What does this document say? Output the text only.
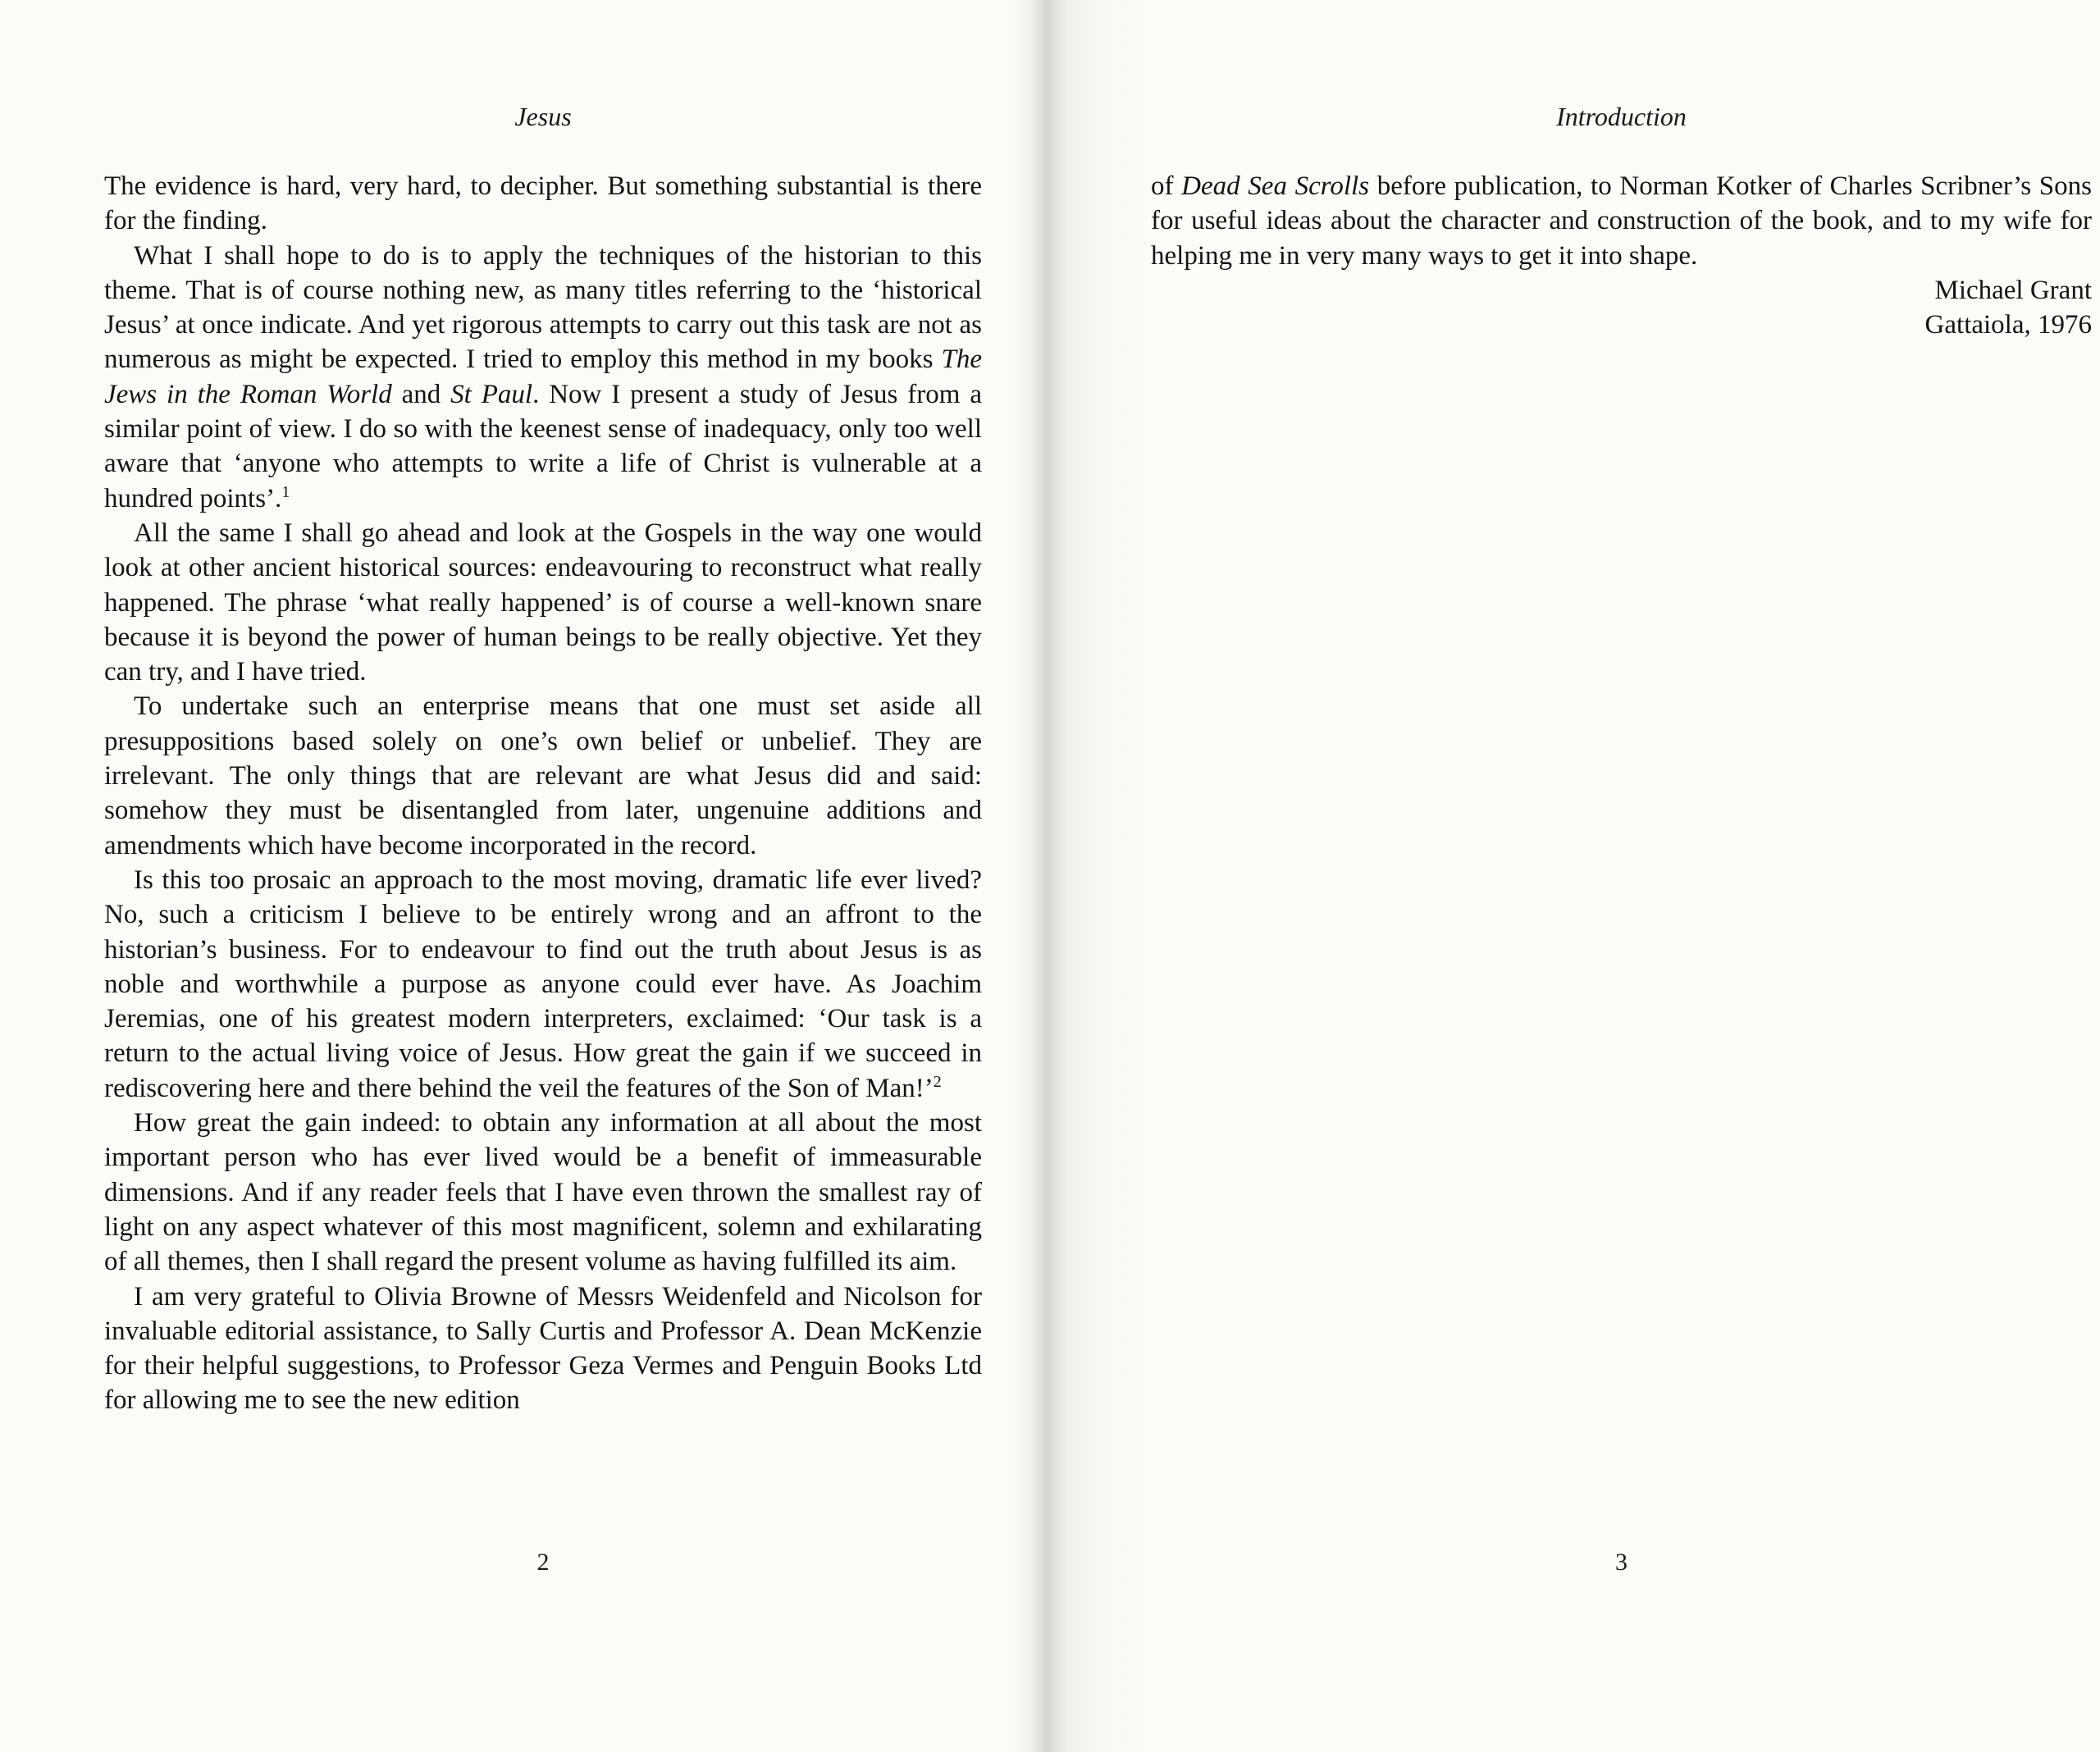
Jesus

The evidence is hard, very hard, to decipher. But something substantial is there for the finding.

What I shall hope to do is to apply the techniques of the historian to this theme. That is of course nothing new, as many titles referring to the ‘historical Jesus’ at once indicate. And yet rigorous attempts to carry out this task are not as numerous as might be expected. I tried to employ this method in my books The Jews in the Roman World and St Paul. Now I present a study of Jesus from a similar point of view. I do so with the keenest sense of inadequacy, only too well aware that ‘anyone who attempts to write a life of Christ is vulnerable at a hundred points’.$^1$

All the same I shall go ahead and look at the Gospels in the way one would look at other ancient historical sources: endeavouring to reconstruct what really happened. The phrase ‘what really happened’ is of course a well-known snare because it is beyond the power of human beings to be really objective. Yet they can try, and I have tried.

To undertake such an enterprise means that one must set aside all presuppositions based solely on one’s own belief or unbelief. They are irrelevant. The only things that are relevant are what Jesus did and said: somehow they must be disentangled from later, ungenuine additions and amendments which have become incorporated in the record.

Is this too prosaic an approach to the most moving, dramatic life ever lived? No, such a criticism I believe to be entirely wrong and an affront to the historian’s business. For to endeavour to find out the truth about Jesus is as noble and worthwhile a purpose as anyone could ever have. As Joachim Jeremias, one of his greatest modern interpreters, exclaimed: ‘Our task is a return to the actual living voice of Jesus. How great the gain if we succeed in rediscovering here and there behind the veil the features of the Son of Man!’$^2$

How great the gain indeed: to obtain any information at all about the most important person who has ever lived would be a benefit of immeasurable dimensions. And if any reader feels that I have even thrown the smallest ray of light on any aspect whatever of this most magnificent, solemn and exhilarating of all themes, then I shall regard the present volume as having fulfilled its aim.

I am very grateful to Olivia Browne of Messrs Weidenfeld and Nicolson for invaluable editorial assistance, to Sally Curtis and Professor A. Dean McKenzie for their helpful suggestions, to Professor Geza Vermes and Penguin Books Ltd for allowing me to see the new edition

2
Introduction

of Dead Sea Scrolls before publication, to Norman Kotker of Charles Scribner’s Sons for useful ideas about the character and construction of the book, and to my wife for helping me in very many ways to get it into shape.

Michael Grant
Gattaiola, 1976
3
